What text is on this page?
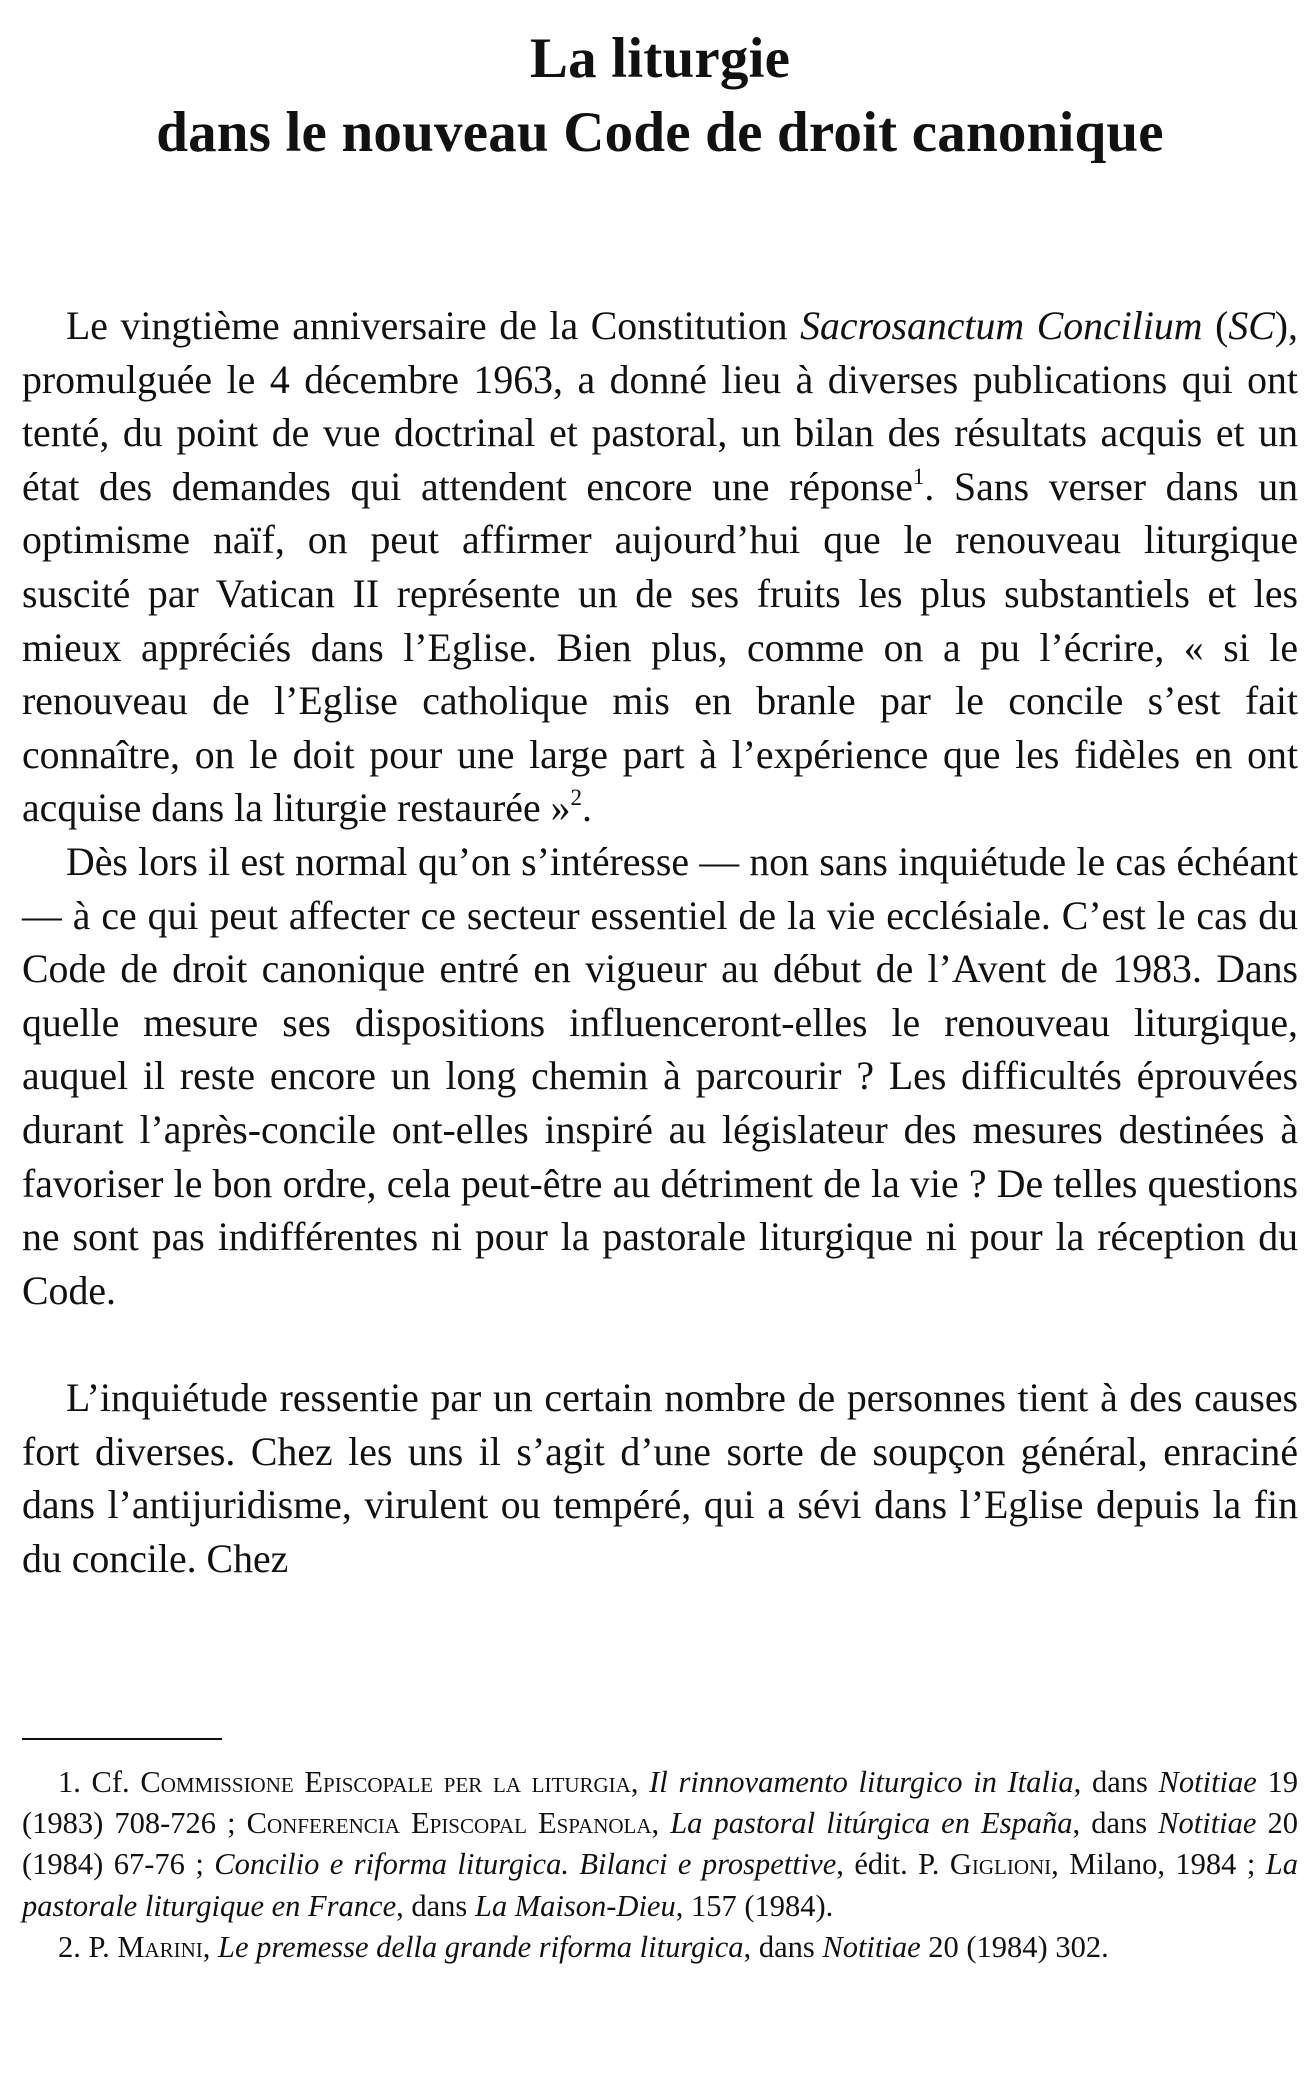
La liturgie
dans le nouveau Code de droit canonique

Le vingtième anniversaire de la Constitution Sacrosanctum Concilium (SC), promulguée le 4 décembre 1963, a donné lieu à diverses publications qui ont tenté, du point de vue doctrinal et pastoral, un bilan des résultats acquis et un état des demandes qui attendent encore une réponse$^1$. Sans verser dans un optimisme naïf, on peut affirmer aujourd’hui que le renouveau liturgique suscité par Vatican II représente un de ses fruits les plus substantiels et les mieux appréciés dans l’Eglise. Bien plus, comme on a pu l’écrire, « si le renouveau de l’Eglise catholique mis en branle par le concile s’est fait connaître, on le doit pour une large part à l’expérience que les fidèles en ont acquise dans la liturgie restaurée »$^2$.

Dès lors il est normal qu’on s’intéresse — non sans inquiétude le cas échéant — à ce qui peut affecter ce secteur essentiel de la vie ecclésiale. C’est le cas du Code de droit canonique entré en vigueur au début de l’Avent de 1983. Dans quelle mesure ses dispositions influenceront-elles le renouveau liturgique, auquel il reste encore un long chemin à parcourir ? Les difficultés éprouvées durant l’après-concile ont-elles inspiré au législateur des mesures destinées à favoriser le bon ordre, cela peut-être au détriment de la vie ? De telles questions ne sont pas indifférentes ni pour la pastorale liturgique ni pour la réception du Code.

L’inquiétude ressentie par un certain nombre de personnes tient à des causes fort diverses. Chez les uns il s’agit d’une sorte de soupçon général, enraciné dans l’antijuridisme, virulent ou tempéré, qui a sévi dans l’Eglise depuis la fin du concile. Chez

1. Cf. Commissione Episcopale per la liturgia, Il rinnovamento liturgico in Italia, dans Notitiae 19 (1983) 708-726 ; Conferencia Episcopal Espanola, La pastoral litúrgica en España, dans Notitiae 20 (1984) 67-76 ; Concilio e riforma liturgica. Bilanci e prospettive, édit. P. Giglioni, Milano, 1984 ; La pastorale liturgique en France, dans La Maison-Dieu, 157 (1984).

2. P. Marini, Le premesse della grande riforma liturgica, dans Notitiae 20 (1984) 302.
